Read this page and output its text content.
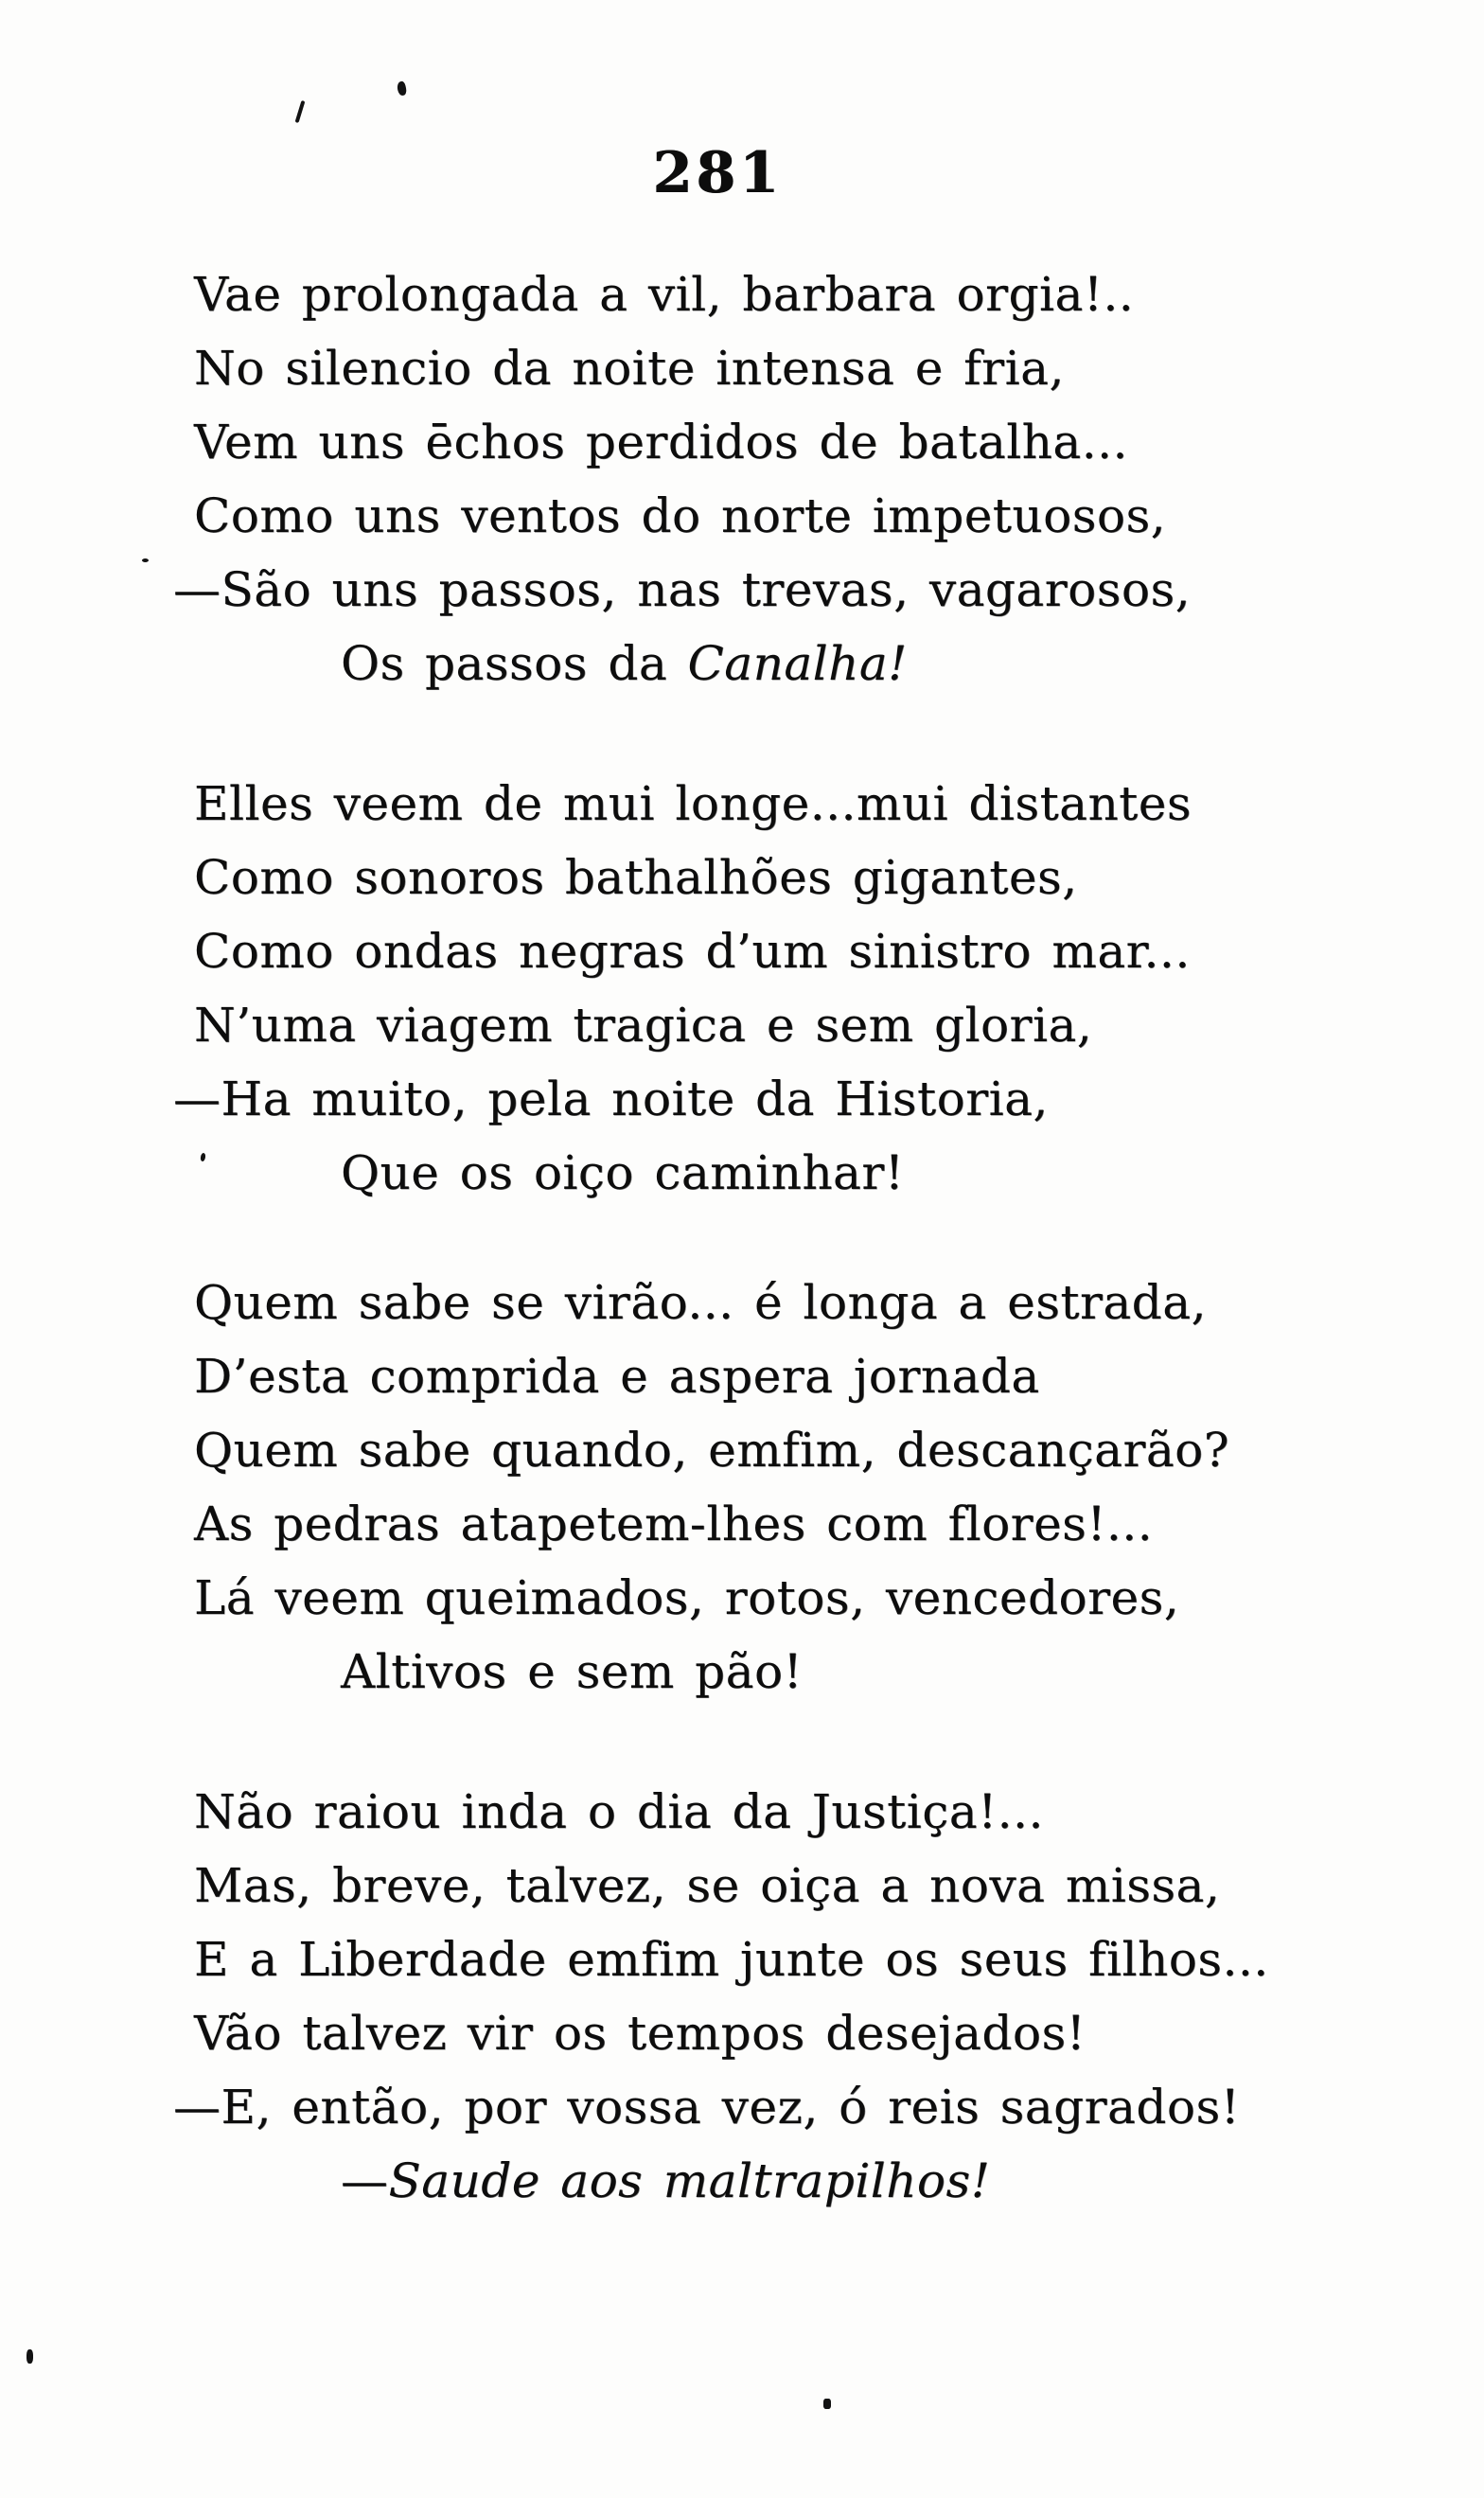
281

Vae prolongada a vil, barbara orgia!..

No silencio da noite intensa e fria,

Vem uns ēchos perdidos de batalha...

Como uns ventos do norte impetuosos,

—São uns passos, nas trevas, vagarosos,

Os passos da Canalha!

Elles veem de mui longe...mui distantes

Como sonoros bathalhões gigantes,

Como ondas negras d’um sinistro mar...

N’uma viagem tragica e sem gloria,

—Ha muito, pela noite da Historia,

Que os oiço caminhar!

Quem sabe se virão... é longa a estrada,

D’esta comprida e aspera jornada

Quem sabe quando, emfim, descançarão?

As pedras atapetem-lhes com flores!...

Lá veem queimados, rotos, vencedores,

Altivos e sem pão!

Não raiou inda o dia da Justiça!...

Mas, breve, talvez, se oiça a nova missa,

E a Liberdade emfim junte os seus filhos...

Vão talvez vir os tempos desejados!

—E, então, por vossa vez, ó reis sagrados!

—Saude aos maltrapilhos!
